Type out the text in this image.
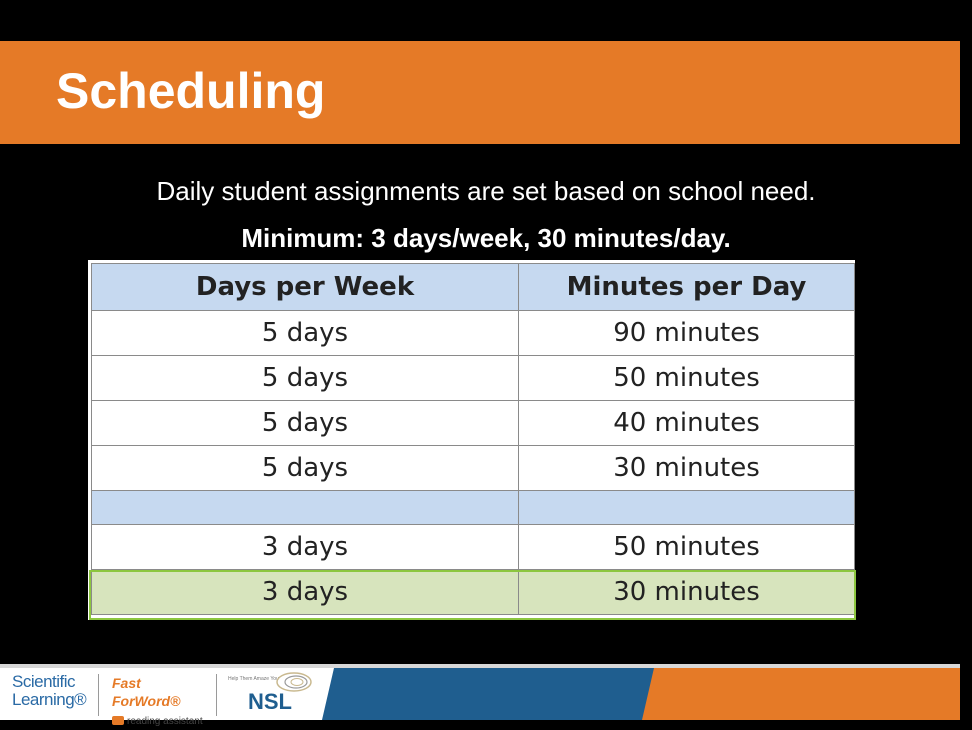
Scheduling
Daily student assignments are set based on school need.
Minimum: 3 days/week, 30 minutes/day.
Days per Week	Minutes per Day
5 days	90 minutes
5 days	50 minutes
5 days	40 minutes
5 days	30 minutes

3 days	50 minutes
3 days	30 minutes
Scientific
Learning®
Fast ForWord®
reading assistant
Help Them Amaze You
NSL
